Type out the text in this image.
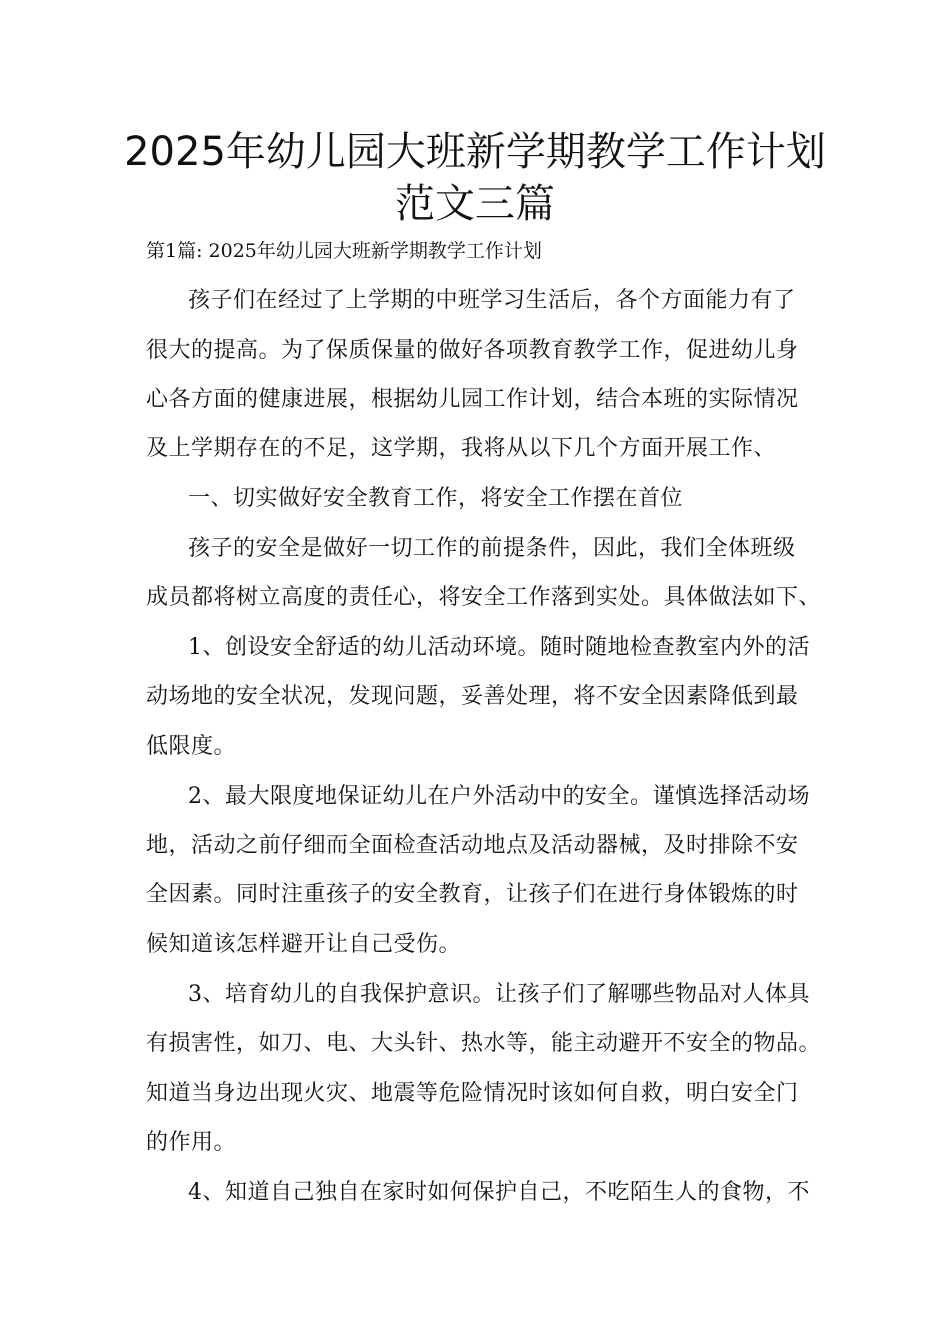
2025年幼儿园大班新学期教学工作计划
范文三篇
第1篇: 2025年幼儿园大班新学期教学工作计划
孩子们在经过了上学期的中班学习生活后，各个方面能力有了
很大的提高。为了保质保量的做好各项教育教学工作，促进幼儿身
心各方面的健康进展，根据幼儿园工作计划，结合本班的实际情况
及上学期存在的不足，这学期，我将从以下几个方面开展工作、
一、切实做好安全教育工作，将安全工作摆在首位
孩子的安全是做好一切工作的前提条件，因此，我们全体班级
成员都将树立高度的责任心，将安全工作落到实处。具体做法如下、
1、创设安全舒适的幼儿活动环境。随时随地检查教室内外的活
动场地的安全状况，发现问题，妥善处理，将不安全因素降低到最
低限度。
2、最大限度地保证幼儿在户外活动中的安全。谨慎选择活动场
地，活动之前仔细而全面检查活动地点及活动器械，及时排除不安
全因素。同时注重孩子的安全教育，让孩子们在进行身体锻炼的时
候知道该怎样避开让自己受伤。
3、培育幼儿的自我保护意识。让孩子们了解哪些物品对人体具
有损害性，如刀、电、大头针、热水等，能主动避开不安全的物品。
知道当身边出现火灾、地震等危险情况时该如何自救，明白安全门
的作用。
4、知道自己独自在家时如何保护自己，不吃陌生人的食物，不
